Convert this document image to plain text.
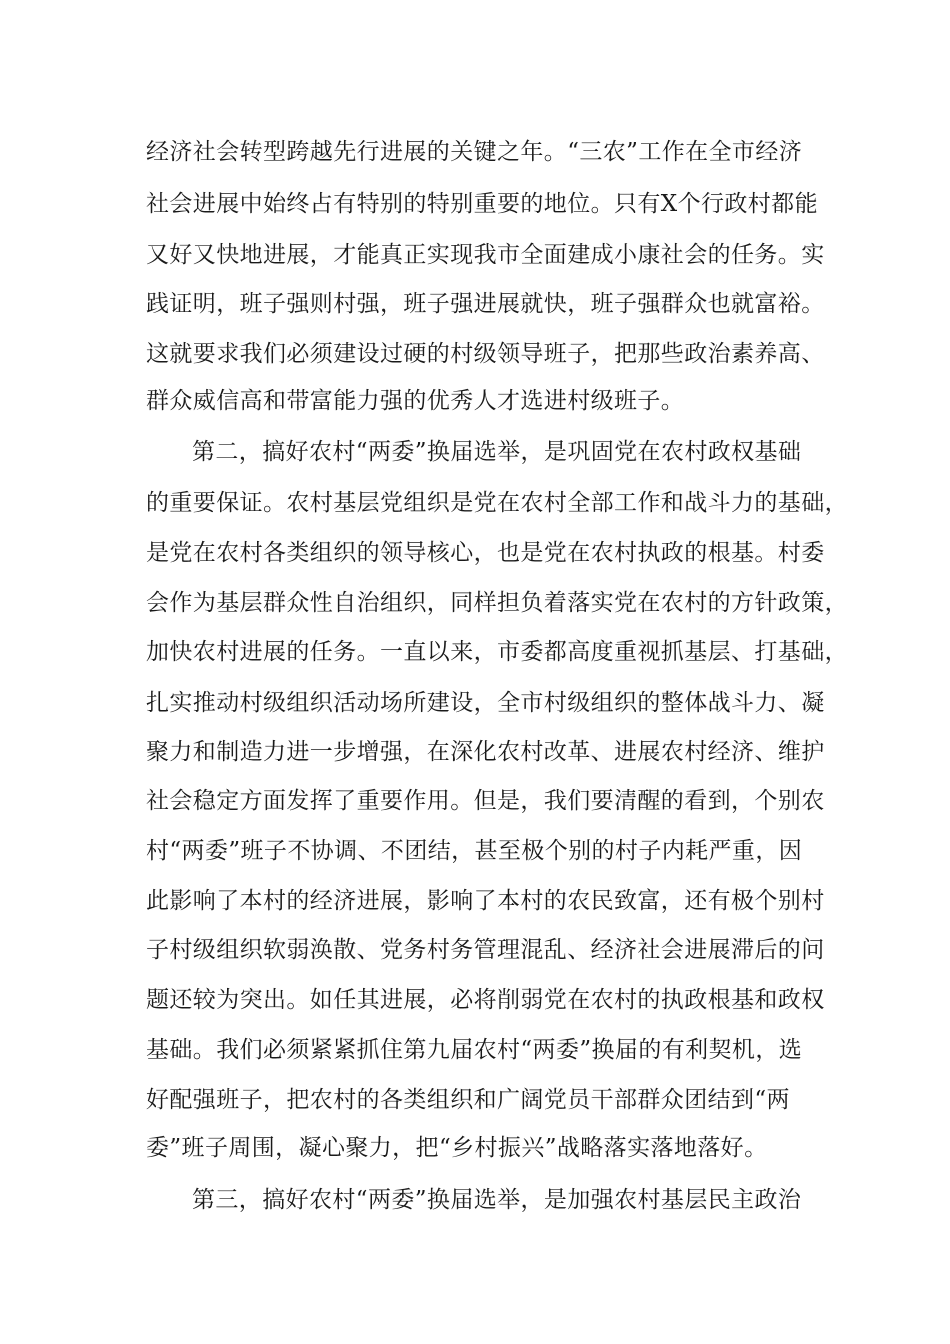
经济社会转型跨越先行进展的关键之年。“三农”工作在全市经济
社会进展中始终占有特别的特别重要的地位。只有X个行政村都能
又好又快地进展，才能真正实现我市全面建成小康社会的任务。实
践证明，班子强则村强，班子强进展就快，班子强群众也就富裕。
这就要求我们必须建设过硬的村级领导班子，把那些政治素养高、
群众威信高和带富能力强的优秀人才选进村级班子。
第二，搞好农村“两委”换届选举，是巩固党在农村政权基础
的重要保证。农村基层党组织是党在农村全部工作和战斗力的基础，
是党在农村各类组织的领导核心，也是党在农村执政的根基。村委
会作为基层群众性自治组织，同样担负着落实党在农村的方针政策，
加快农村进展的任务。一直以来，市委都高度重视抓基层、打基础，
扎实推动村级组织活动场所建设，全市村级组织的整体战斗力、凝
聚力和制造力进一步增强，在深化农村改革、进展农村经济、维护
社会稳定方面发挥了重要作用。但是，我们要清醒的看到，个别农
村“两委”班子不协调、不团结，甚至极个别的村子内耗严重，因
此影响了本村的经济进展，影响了本村的农民致富，还有极个别村
子村级组织软弱涣散、党务村务管理混乱、经济社会进展滞后的问
题还较为突出。如任其进展，必将削弱党在农村的执政根基和政权
基础。我们必须紧紧抓住第九届农村“两委”换届的有利契机，选
好配强班子，把农村的各类组织和广阔党员干部群众团结到“两
委”班子周围，凝心聚力，把“乡村振兴”战略落实落地落好。
第三，搞好农村“两委”换届选举，是加强农村基层民主政治
